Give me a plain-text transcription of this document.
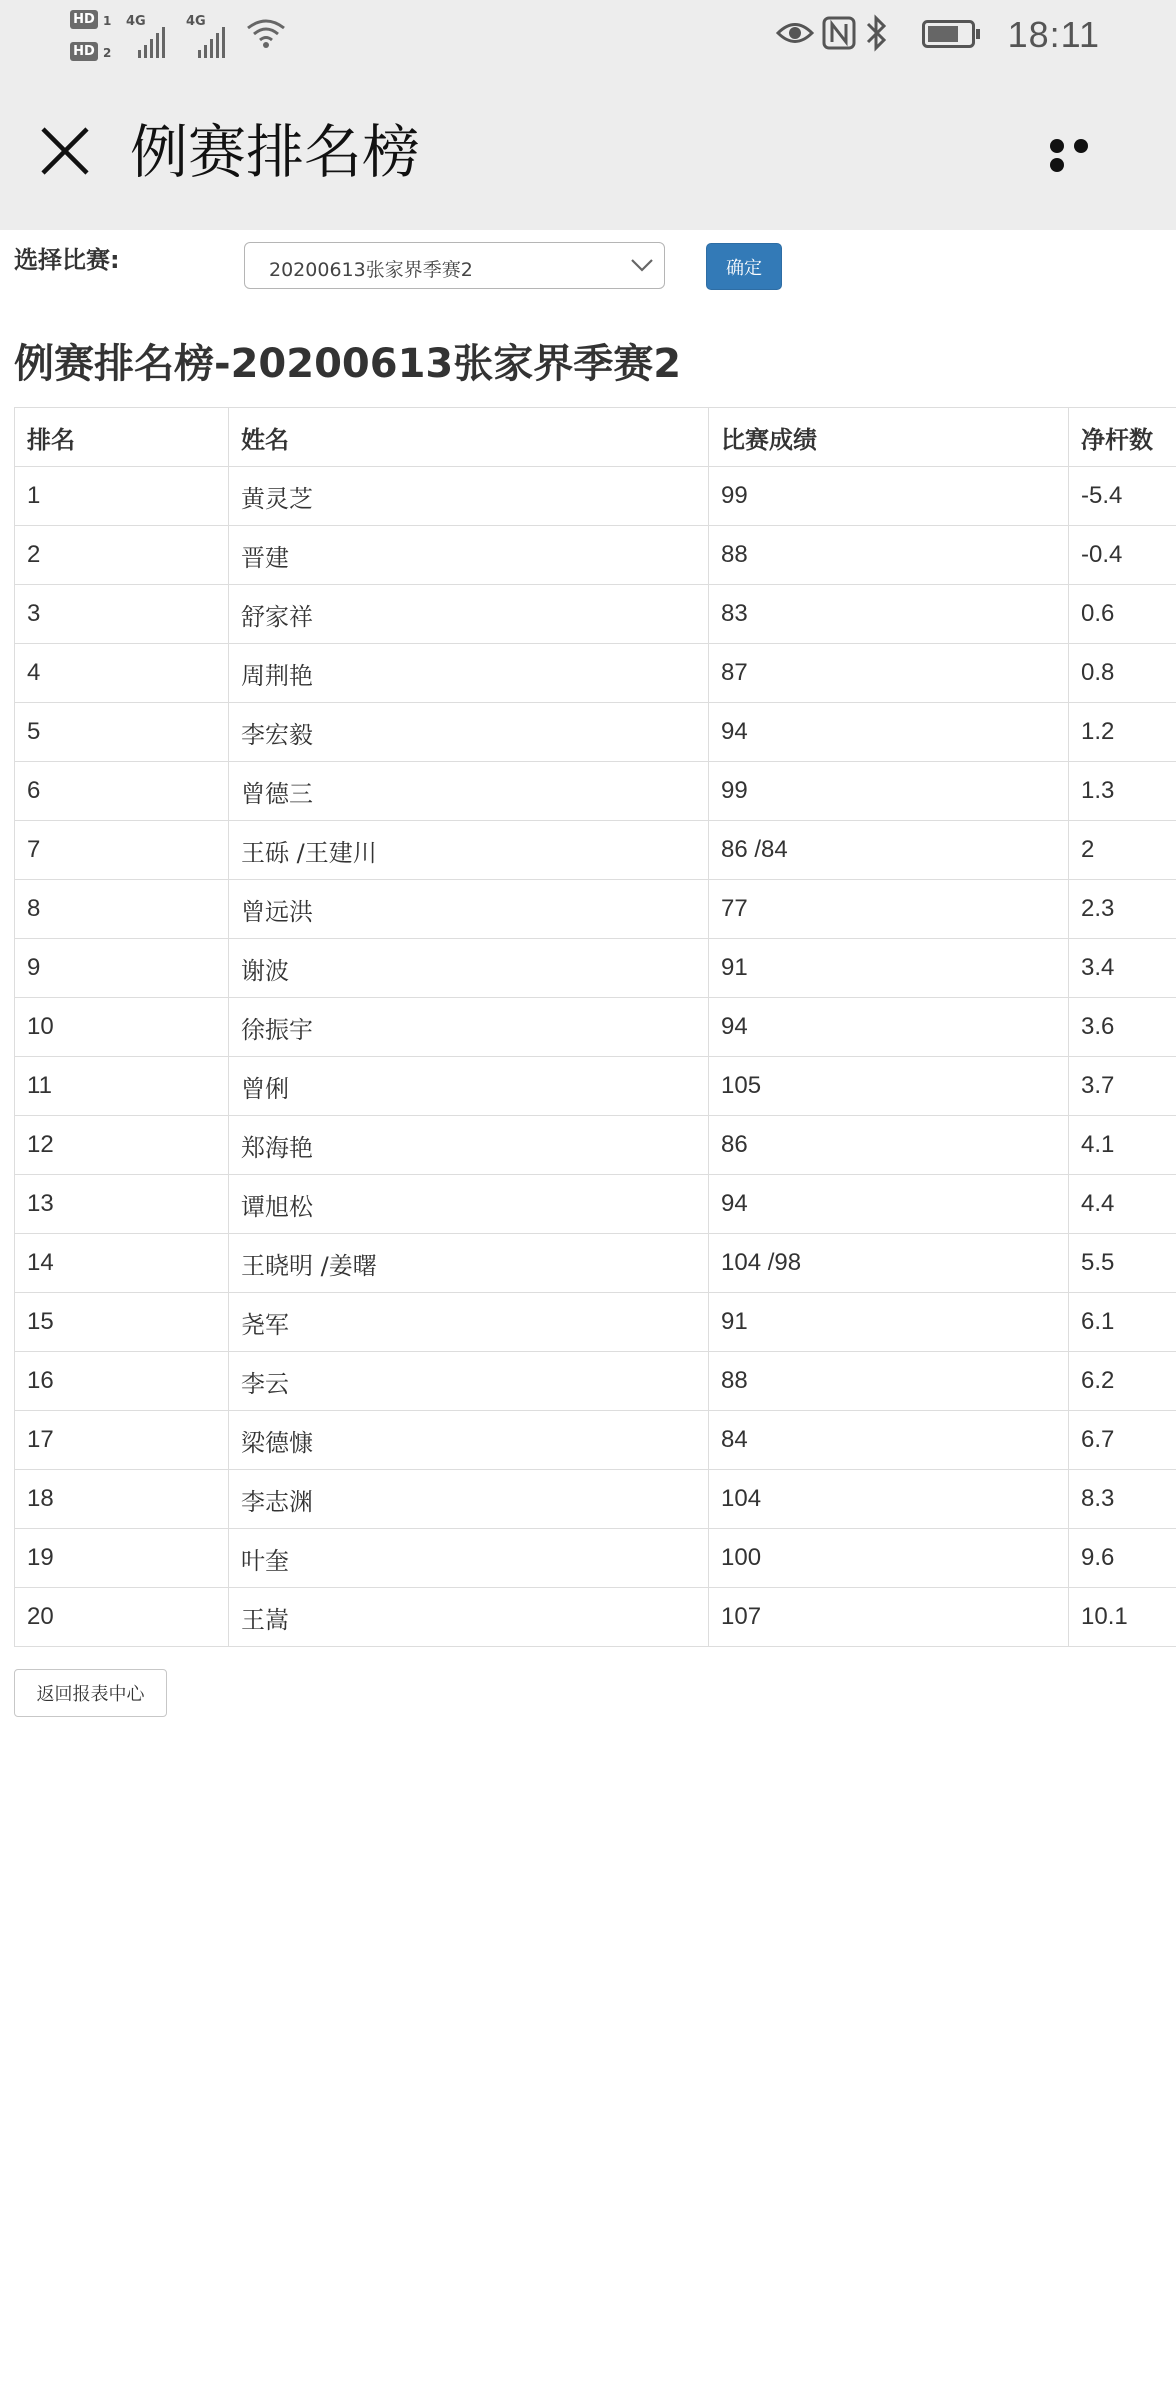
HD 1
HD 2
4G	4G	18:11
例赛排名榜
选择比赛:	20200613张家界季赛2	确定
例赛排名榜-20200613张家界季赛2
排名	姓名	比赛成绩	净杆数
1	黄灵芝	99	-5.4
2	晋建	88	-0.4
3	舒家祥	83	0.6
4	周荆艳	87	0.8
5	李宏毅	94	1.2
6	曾德三	99	1.3
7	王砾 /王建川	86 /84	2
8	曾远洪	77	2.3
9	谢波	91	3.4
10	徐振宇	94	3.6
11	曾俐	105	3.7
12	郑海艳	86	4.1
13	谭旭松	94	4.4
14	王晓明 /姜曙	104 /98	5.5
15	尧军	91	6.1
16	李云	88	6.2
17	梁德慷	84	6.7
18	李志渊	104	8.3
19	叶奎	100	9.6
20	王嵩	107	10.1
返回报表中心
